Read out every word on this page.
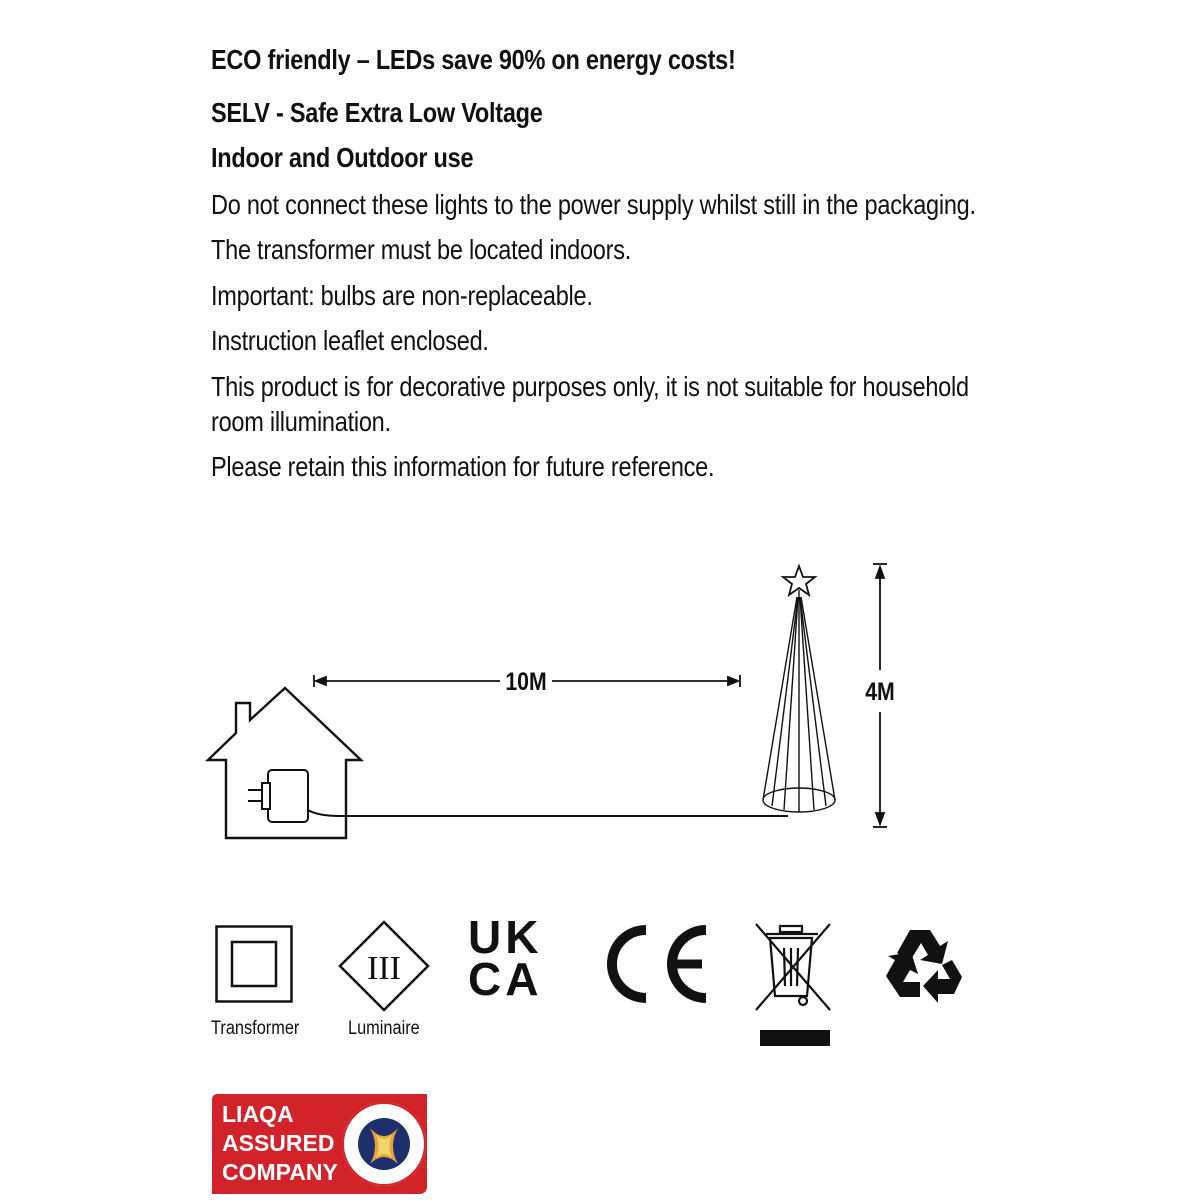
ECO friendly – LEDs save 90% on energy costs!
SELV - Safe Extra Low Voltage
Indoor and Outdoor use
Do not connect these lights to the power supply whilst still in the packaging.
The transformer must be located indoors.
Important: bulbs are non-replaceable.
Instruction leaflet enclosed.
This product is for decorative purposes only, it is not suitable for household
room illumination.
Please retain this information for future reference.
10M	4M
Transformer
III
Luminaire
UK
CA
LIAQA
ASSURED
COMPANY
